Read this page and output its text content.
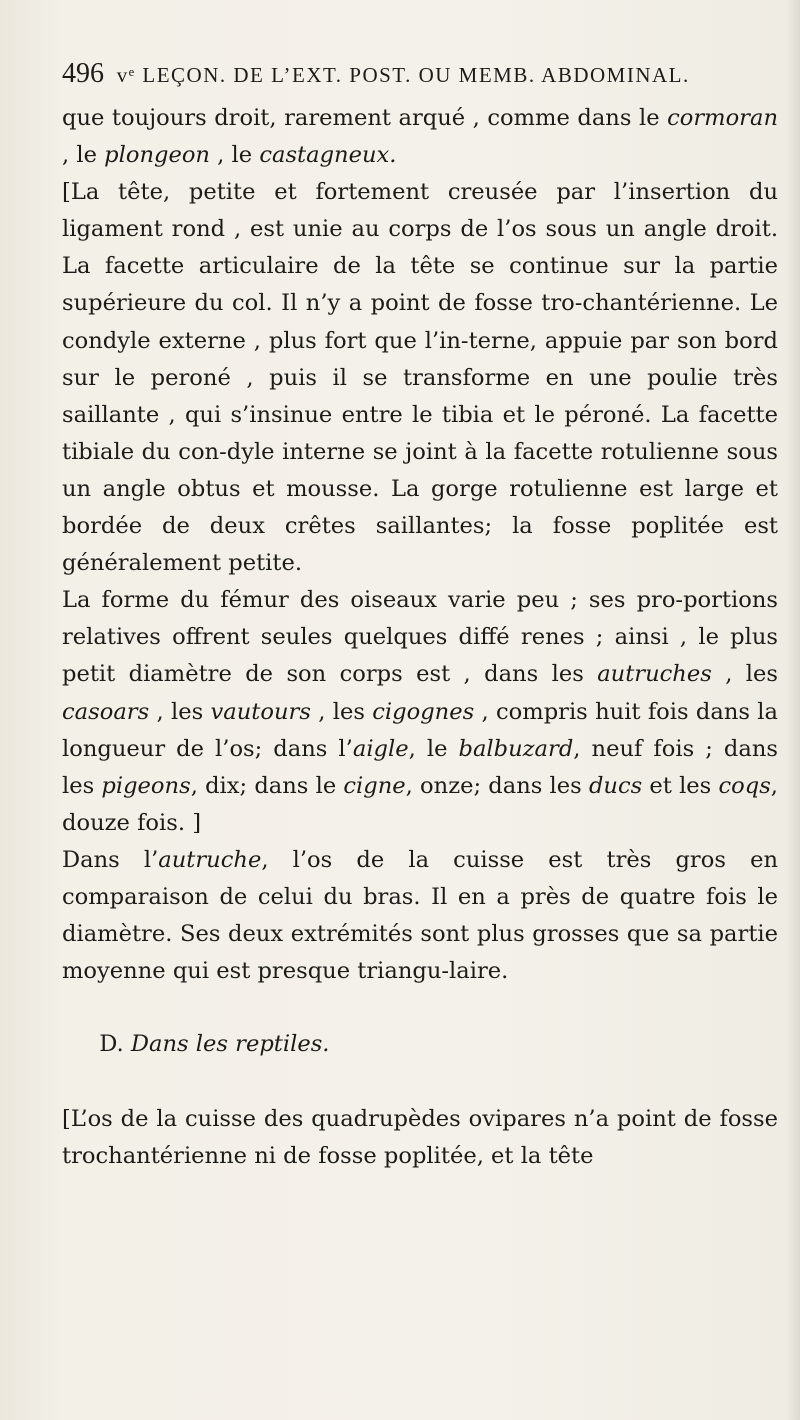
496 vᵉ LEÇON. DE L’EXT. POST. OU MEMB. ABDOMINAL.

que toujours droit, rarement arqué , comme dans le cormoran , le plongeon , le castagneux.

[La tête, petite et fortement creusée par l’insertion du ligament rond , est unie au corps de l’os sous un angle droit. La facette articulaire de la tête se continue sur la partie supérieure du col. Il n’y a point de fosse tro-chantérienne. Le condyle externe , plus fort que l’in-terne, appuie par son bord sur le peroné , puis il se transforme en une poulie très saillante , qui s’insinue entre le tibia et le péroné. La facette tibiale du con-dyle interne se joint à la facette rotulienne sous un angle obtus et mousse. La gorge rotulienne est large et bordée de deux crêtes saillantes; la fosse poplitée est généralement petite.

La forme du fémur des oiseaux varie peu ; ses pro-portions relatives offrent seules quelques diffé renes ; ainsi , le plus petit diamètre de son corps est , dans les autruches , les casoars , les vautours , les cigognes , compris huit fois dans la longueur de l’os; dans l’aigle, le balbuzard, neuf fois ; dans les pigeons, dix; dans le cigne, onze; dans les ducs et les coqs, douze fois. ]

Dans l’autruche, l’os de la cuisse est très gros en comparaison de celui du bras. Il en a près de quatre fois le diamètre. Ses deux extrémités sont plus grosses que sa partie moyenne qui est presque triangu-laire.

D. Dans les reptiles.

[L’os de la cuisse des quadrupèdes ovipares n’a point de fosse trochantérienne ni de fosse poplitée, et la tête
